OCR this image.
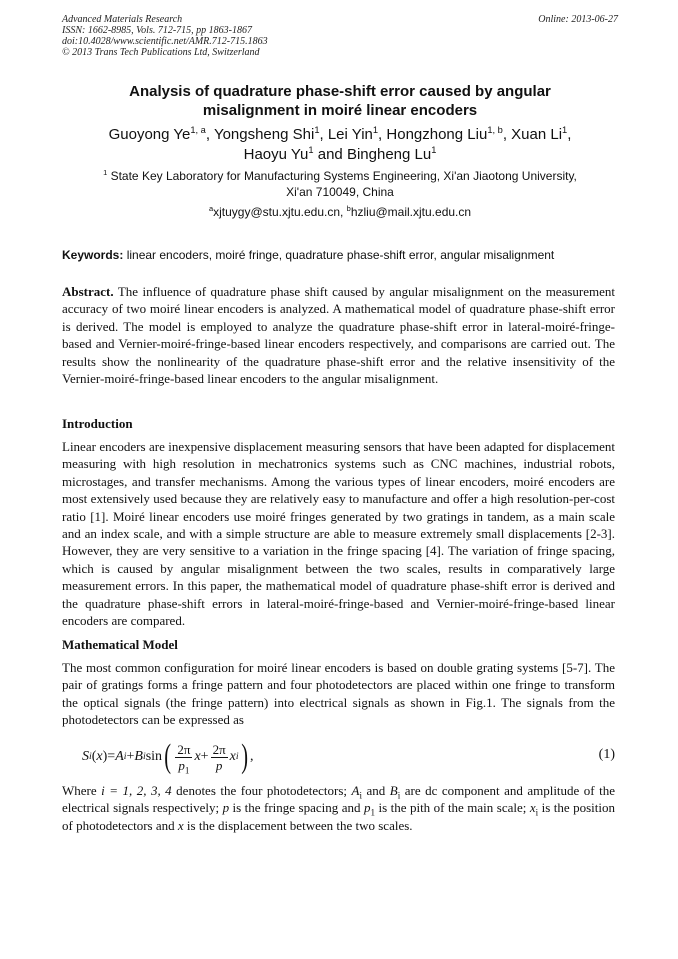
Advanced Materials Research
ISSN: 1662-8985, Vols. 712-715, pp 1863-1867
doi:10.4028/www.scientific.net/AMR.712-715.1863
© 2013 Trans Tech Publications Ltd, Switzerland
Online: 2013-06-27
Analysis of quadrature phase-shift error caused by angular
misalignment in moiré linear encoders
Guoyong Ye$^{1, a}$, Yongsheng Shi$^1$, Lei Yin$^1$, Hongzhong Liu$^{1, b}$, Xuan Li$^1$,
Haoyu Yu$^1$ and Bingheng Lu$^1$
$^1$ State Key Laboratory for Manufacturing Systems Engineering, Xi'an Jiaotong University,
Xi'an 710049, China
$^a$xjtuygy@stu.xjtu.edu.cn, $^b$hzliu@mail.xjtu.edu.cn
Keywords: linear encoders, moiré fringe, quadrature phase-shift error, angular misalignment
Abstract. The influence of quadrature phase shift caused by angular misalignment on the measurement accuracy of two moiré linear encoders is analyzed. A mathematical model of quadrature phase-shift error is derived. The model is employed to analyze the quadrature phase-shift error in lateral-moiré-fringe-based and Vernier-moiré-fringe-based linear encoders respectively, and comparisons are carried out. The results show the nonlinearity of the quadrature phase-shift error and the relative insensitivity of the Vernier-moiré-fringe-based linear encoders to the angular misalignment.
Introduction
Linear encoders are inexpensive displacement measuring sensors that have been adapted for displacement measuring with high resolution in mechatronics systems such as CNC machines, industrial robots, microstages, and transfer mechanisms. Among the various types of linear encoders, moiré encoders are most extensively used because they are relatively easy to manufacture and offer a high resolution-per-cost ratio [1]. Moiré linear encoders use moiré fringes generated by two gratings in tandem, as a main scale and an index scale, and with a simple structure are able to measure extremely small displacements [2-3]. However, they are very sensitive to a variation in the fringe spacing [4]. The variation of fringe spacing, which is caused by angular misalignment between the two scales, results in comparatively large measurement errors. In this paper, the mathematical model of quadrature phase-shift error is derived and the quadrature phase-shift errors in lateral-moiré-fringe-based and Vernier-moiré-fringe-based linear encoders are compared.
Mathematical Model
The most common configuration for moiré linear encoders is based on double grating systems [5-7]. The pair of gratings forms a fringe pattern and four photodetectors are placed within one fringe to transform the optical signals (the fringe pattern) into electrical signals as shown in Fig.1. The signals from the photodetectors can be expressed as
S i ( x ) = A i + B i sin ( $\frac{2\pi}{p_1}$ $x + \frac{2\pi}{p}$ x i ) ,	(1)
Where i = 1, 2, 3, 4 denotes the four photodetectors; $A_i$ and $B_i$ are dc component and amplitude of the electrical signals respectively; p is the fringe spacing and $p_1$ is the pith of the main scale; $x_i$ is the position of photodetectors and x is the displacement between the two scales.
